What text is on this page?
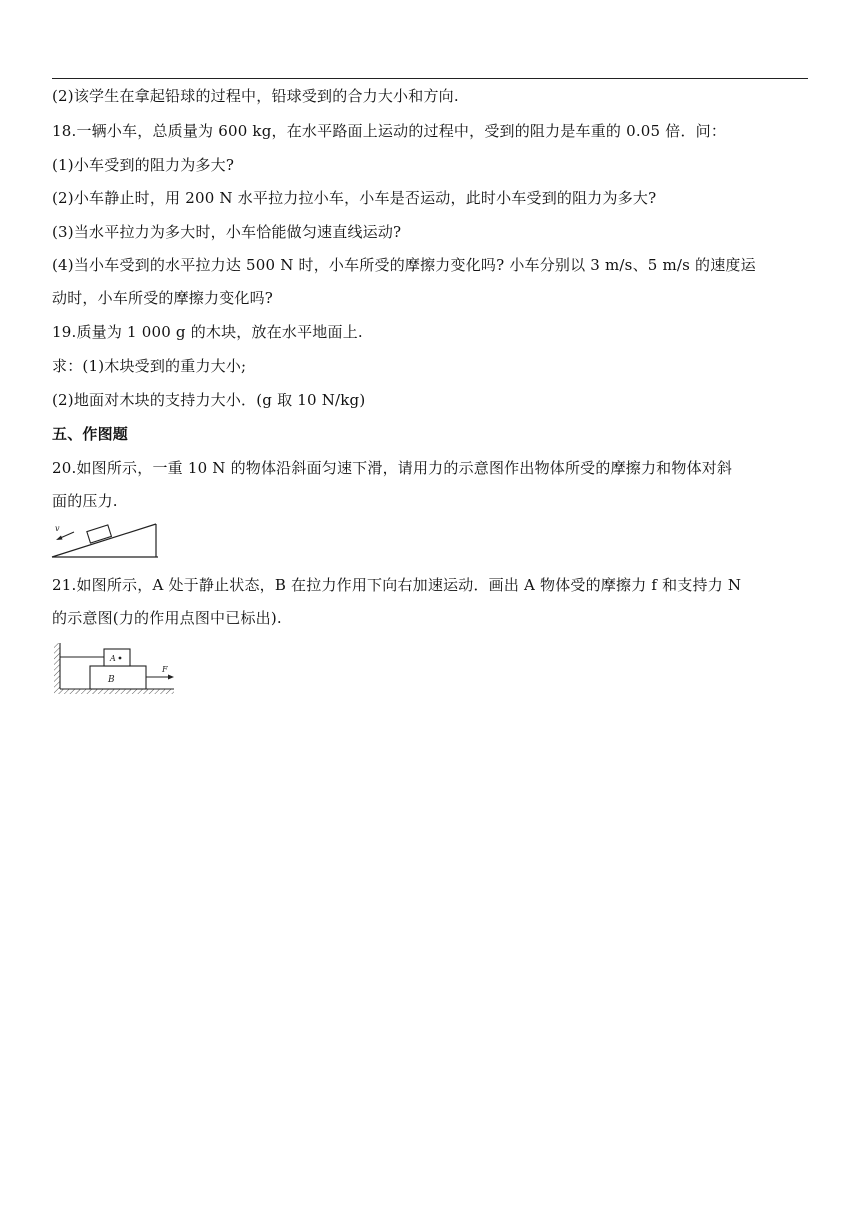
(2)该学生在拿起铅球的过程中，铅球受到的合力大小和方向.
18.一辆小车，总质量为 600 kg，在水平路面上运动的过程中，受到的阻力是车重的 0.05 倍．问：
(1)小车受到的阻力为多大?
(2)小车静止时，用 200 N 水平拉力拉小车，小车是否运动，此时小车受到的阻力为多大?
(3)当水平拉力为多大时，小车恰能做匀速直线运动?
(4)当小车受到的水平拉力达 500 N 时，小车所受的摩擦力变化吗? 小车分别以 3 m/s、5 m/s 的速度运
动时，小车所受的摩擦力变化吗?
19.质量为 1 000 g 的木块，放在水平地面上.
求：(1)木块受到的重力大小;
(2)地面对木块的支持力大小．(g 取 10 N/kg)
五、作图题
20.如图所示，一重 10 N 的物体沿斜面匀速下滑，请用力的示意图作出物体所受的摩擦力和物体对斜
面的压力.
v
21.如图所示，A 处于静止状态，B 在拉力作用下向右加速运动．画出 A 物体受的摩擦力 f 和支持力 N
的示意图(力的作用点图中已标出).
B
A
F
